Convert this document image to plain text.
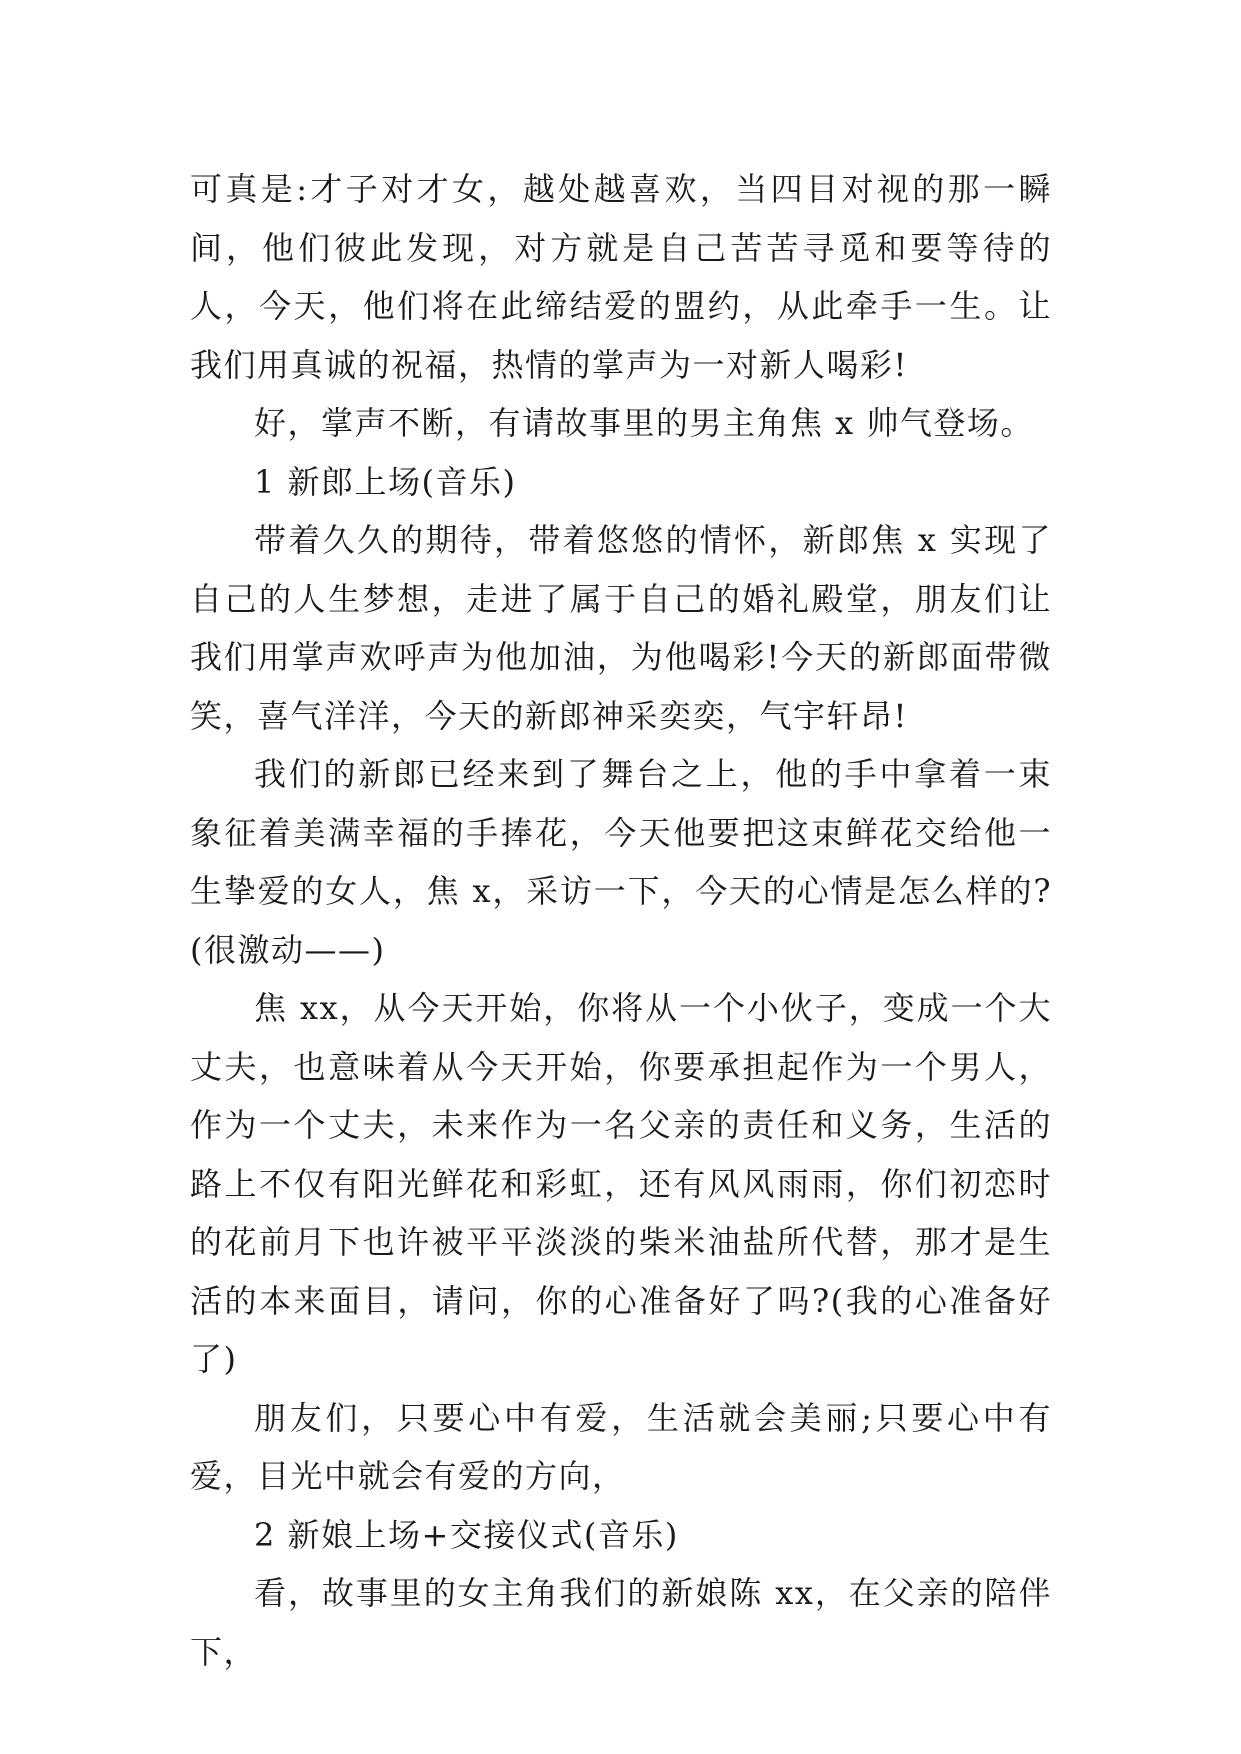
可真是:才子对才女，越处越喜欢，当四目对视的那一瞬间，他们彼此发现，对方就是自己苦苦寻觅和要等待的人，今天，他们将在此缔结爱的盟约，从此牵手一生。让我们用真诚的祝福，热情的掌声为一对新人喝彩!

好，掌声不断，有请故事里的男主角焦 x 帅气登场。

1 新郎上场(音乐)

带着久久的期待，带着悠悠的情怀，新郎焦 x 实现了自己的人生梦想，走进了属于自己的婚礼殿堂，朋友们让我们用掌声欢呼声为他加油，为他喝彩!今天的新郎面带微笑，喜气洋洋，今天的新郎神采奕奕，气宇轩昂!

我们的新郎已经来到了舞台之上，他的手中拿着一束象征着美满幸福的手捧花，今天他要把这束鲜花交给他一生挚爱的女人，焦 x，采访一下，今天的心情是怎么样的?(很激动——)

焦 xx，从今天开始，你将从一个小伙子，变成一个大丈夫，也意味着从今天开始，你要承担起作为一个男人，作为一个丈夫，未来作为一名父亲的责任和义务，生活的路上不仅有阳光鲜花和彩虹，还有风风雨雨，你们初恋时的花前月下也许被平平淡淡的柴米油盐所代替，那才是生活的本来面目，请问，你的心准备好了吗?(我的心准备好了)

朋友们，只要心中有爱，生活就会美丽;只要心中有爱，目光中就会有爱的方向，

2 新娘上场+交接仪式(音乐)

看，故事里的女主角我们的新娘陈 xx，在父亲的陪伴下，
